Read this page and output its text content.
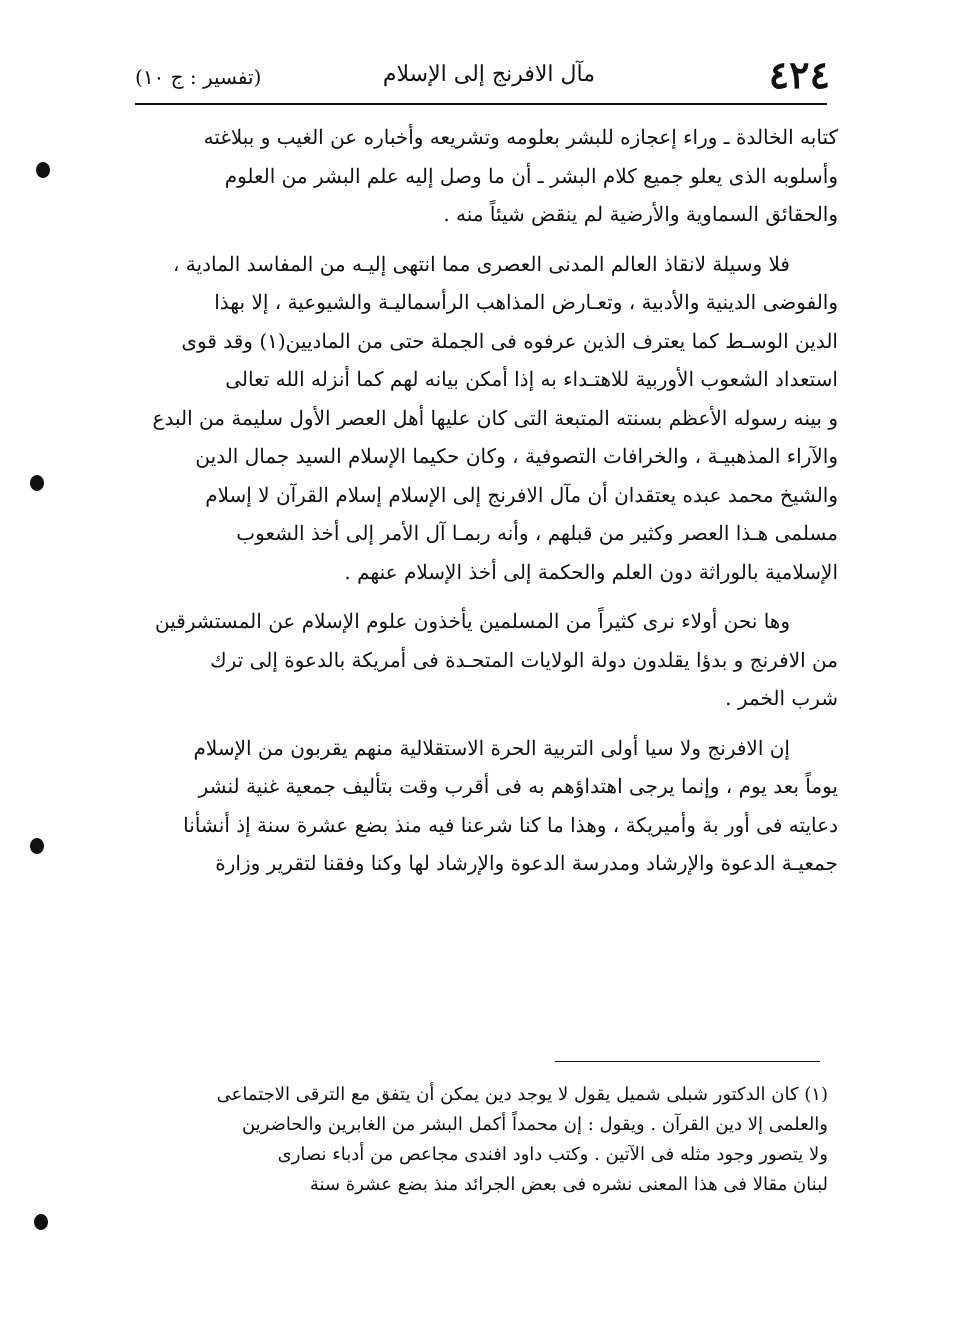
٤٢٤
مآل الافرنج إلى الإسلام
(تفسير : ج ١٠)
كتابه الخالدة ـ وراء إعجازه للبشر بعلومه وتشريعه وأخباره عن الغيب و ببلاغته
وأسلوبه الذى يعلو جميع كلام البشر ـ أن ما وصل إليه علم البشر من العلوم
والحقائق السماوية والأرضية لم ينقض شيئاً منه .
فلا وسيلة لانقاذ العالم المدنى العصرى مما انتهى إليـه من المفاسد المادية ،
والفوضى الدينية والأدبية ، وتعـارض المذاهب الرأسماليـة والشيوعية ، إلا بهذا
الدين الوسـط كما يعترف الذين عرفوه فى الجملة حتى من الماديين(١) وقد قوى
استعداد الشعوب الأوربية للاهتـداء به إذا أمكن بيانه لهم كما أنزله الله تعالى
و بينه رسوله الأعظم بسنته المتبعة التى كان عليها أهل العصر الأول سليمة من البدع
والآراء المذهبيـة ، والخرافات التصوفية ، وكان حكيما الإسلام السيد جمال الدين
والشيخ محمد عبده يعتقدان أن مآل الافرنج إلى الإسلام إسلام القرآن لا إسلام
مسلمى هـذا العصر وكثير من قبلهم ، وأنه ربمـا آل الأمر إلى أخذ الشعوب
الإسلامية بالوراثة دون العلم والحكمة إلى أخذ الإسلام عنهم .
وها نحن أولاء نرى كثيراً من المسلمين يأخذون علوم الإسلام عن المستشرقين
من الافرنج و بدؤا يقلدون دولة الولايات المتحـدة فى أمريكة بالدعوة إلى ترك
شرب الخمر .
إن الافرنج ولا سيا أولى التربية الحرة الاستقلالية منهم يقربون من الإسلام
يوماً بعد يوم ، وإنما يرجى اهتداؤهم به فى أقرب وقت بتأليف جمعية غنية لنشر
دعايته فى أور بة وأميريكة ، وهذا ما كنا شرعنا فيه منذ بضع عشرة سنة إذ أنشأنا
جمعيـة الدعوة والإرشاد ومدرسة الدعوة والإرشاد لها وكنا وفقنا لتقرير وزارة
(١) كان الدكتور شبلى شميل يقول لا يوجد دين يمكن أن يتفق مع الترقى الاجتماعى
والعلمى إلا دين القرآن . ويقول : إن محمداً أكمل البشر من الغابرين والحاضرين
ولا يتصور وجود مثله فى الآتين . وكتب داود افندى مجاعص من أدباء نصارى
لبنان مقالا فى هذا المعنى نشره فى بعض الجرائد منذ بضع عشرة سنة
